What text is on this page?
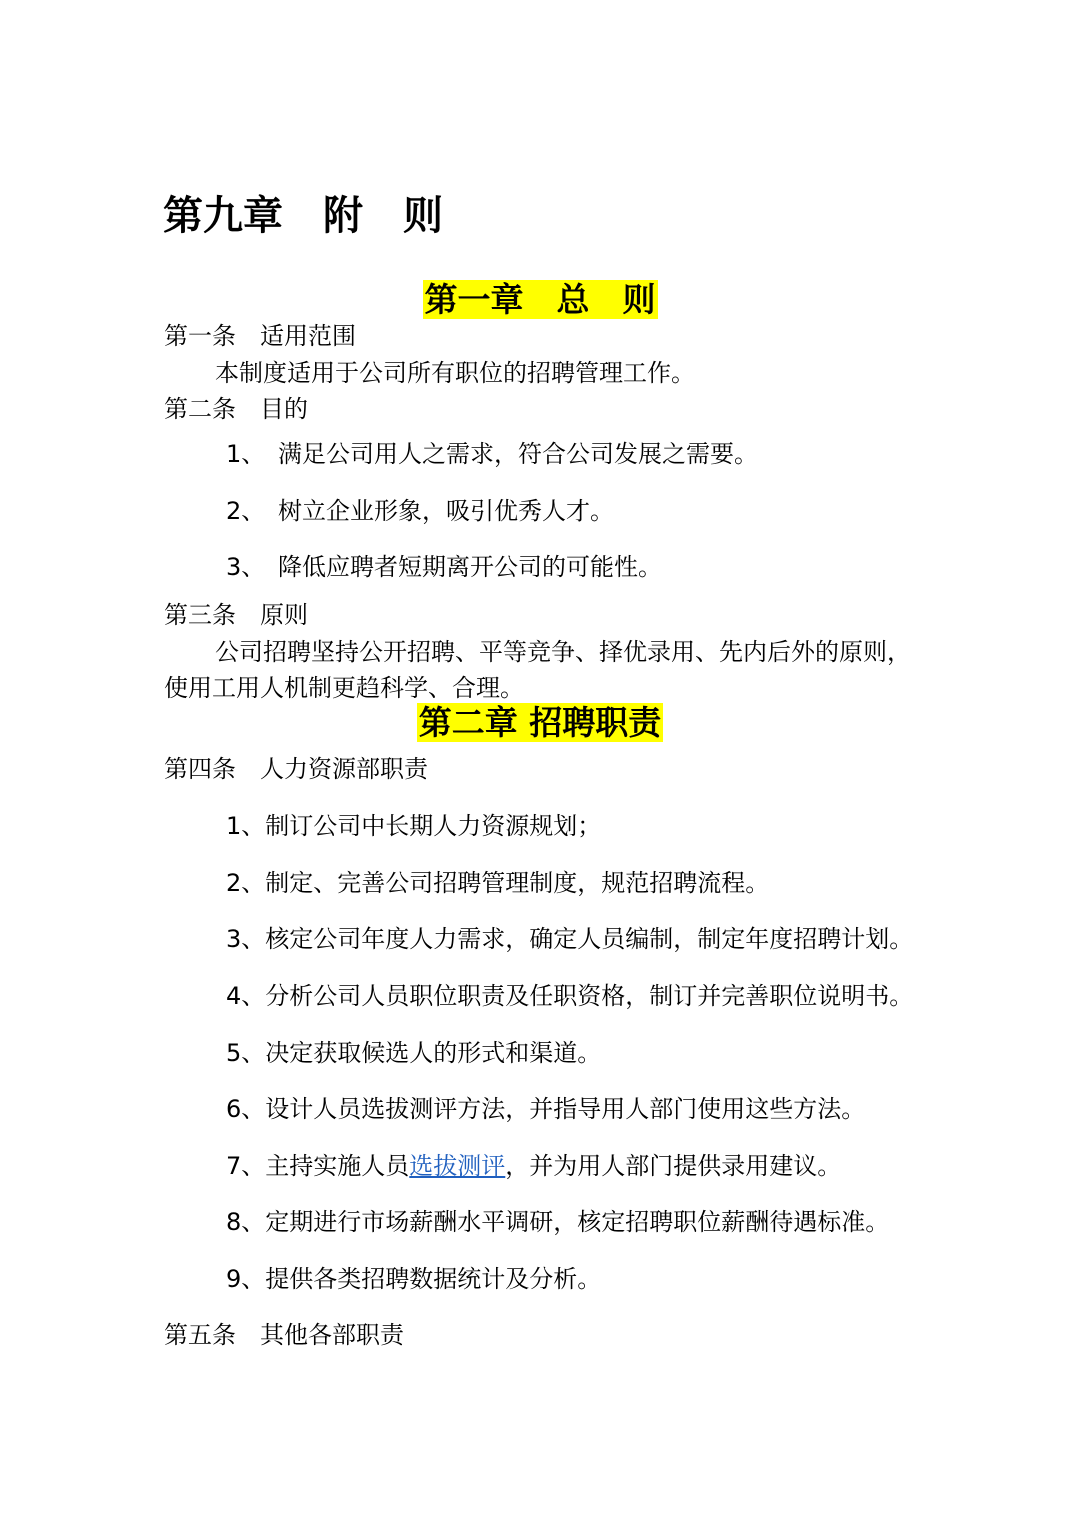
第九章　附　则
第一章　总　则

第一条　适用范围

本制度适用于公司所有职位的招聘管理工作。

第二条　目的

1、 满足公司用人之需求，符合公司发展之需要。

2、 树立企业形象，吸引优秀人才。

3、 降低应聘者短期离开公司的可能性。

第三条　原则

公司招聘坚持公开招聘、平等竞争、择优录用、先内后外的原则，

使用工用人机制更趋科学、合理。

第二章 招聘职责

第四条　人力资源部职责

1、制订公司中长期人力资源规划；

2、制定、完善公司招聘管理制度，规范招聘流程。

3、核定公司年度人力需求，确定人员编制，制定年度招聘计划。

4、分析公司人员职位职责及任职资格，制订并完善职位说明书。

5、决定获取候选人的形式和渠道。

6、设计人员选拔测评方法，并指导用人部门使用这些方法。

7、主持实施人员选拔测评，并为用人部门提供录用建议。

8、定期进行市场薪酬水平调研，核定招聘职位薪酬待遇标准。

9、提供各类招聘数据统计及分析。

第五条　其他各部职责
